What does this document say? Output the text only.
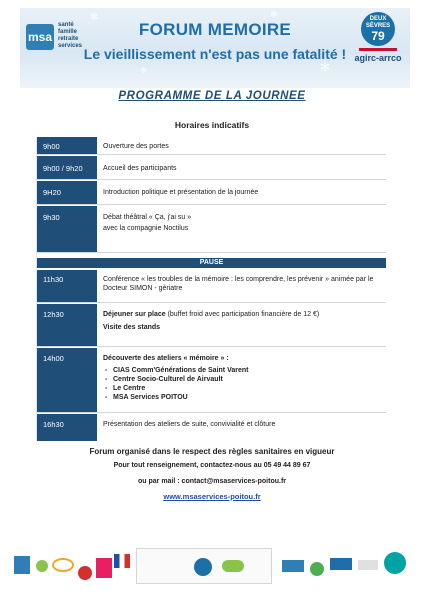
✻
✻
✻
✻
msa
santé
famille
retraite
services
FORUM MEMOIRE
Le vieillissement n'est pas une fatalité !
DEUX
SÈVRES
79
agirc-arrco
PROGRAMME DE LA JOURNEE
Horaires indicatifs
9h00	Ouverture des portes
9h00 / 9h20	Accueil des participants
9H20	Introduction politique et présentation de la journée
9h30	Débat théâtral « Ça, j'ai su »
avec la compagnie Noctilus
PAUSE
11h30	Conférence « les troubles de la mémoire : les comprendre, les prévenir » animée par le Docteur SIMON - gériatre
12h30	Déjeuner sur place (buffet froid avec participation financière de 12 €)
Visite des stands
14h00	Découverte des ateliers « mémoire » :
- CIAS Comm'Générations de Saint Varent
- Centre Socio-Culturel de Airvault
- Le Centre
- MSA Services POITOU
16h30	Présentation des ateliers de suite, convivialité et clôture
Forum organisé dans le respect des règles sanitaires en vigueur
Pour tout renseignement, contactez-nous au 05 49 44 89 67
ou par mail : contact@msaservices-poitou.fr
www.msaservices-poitou.fr
